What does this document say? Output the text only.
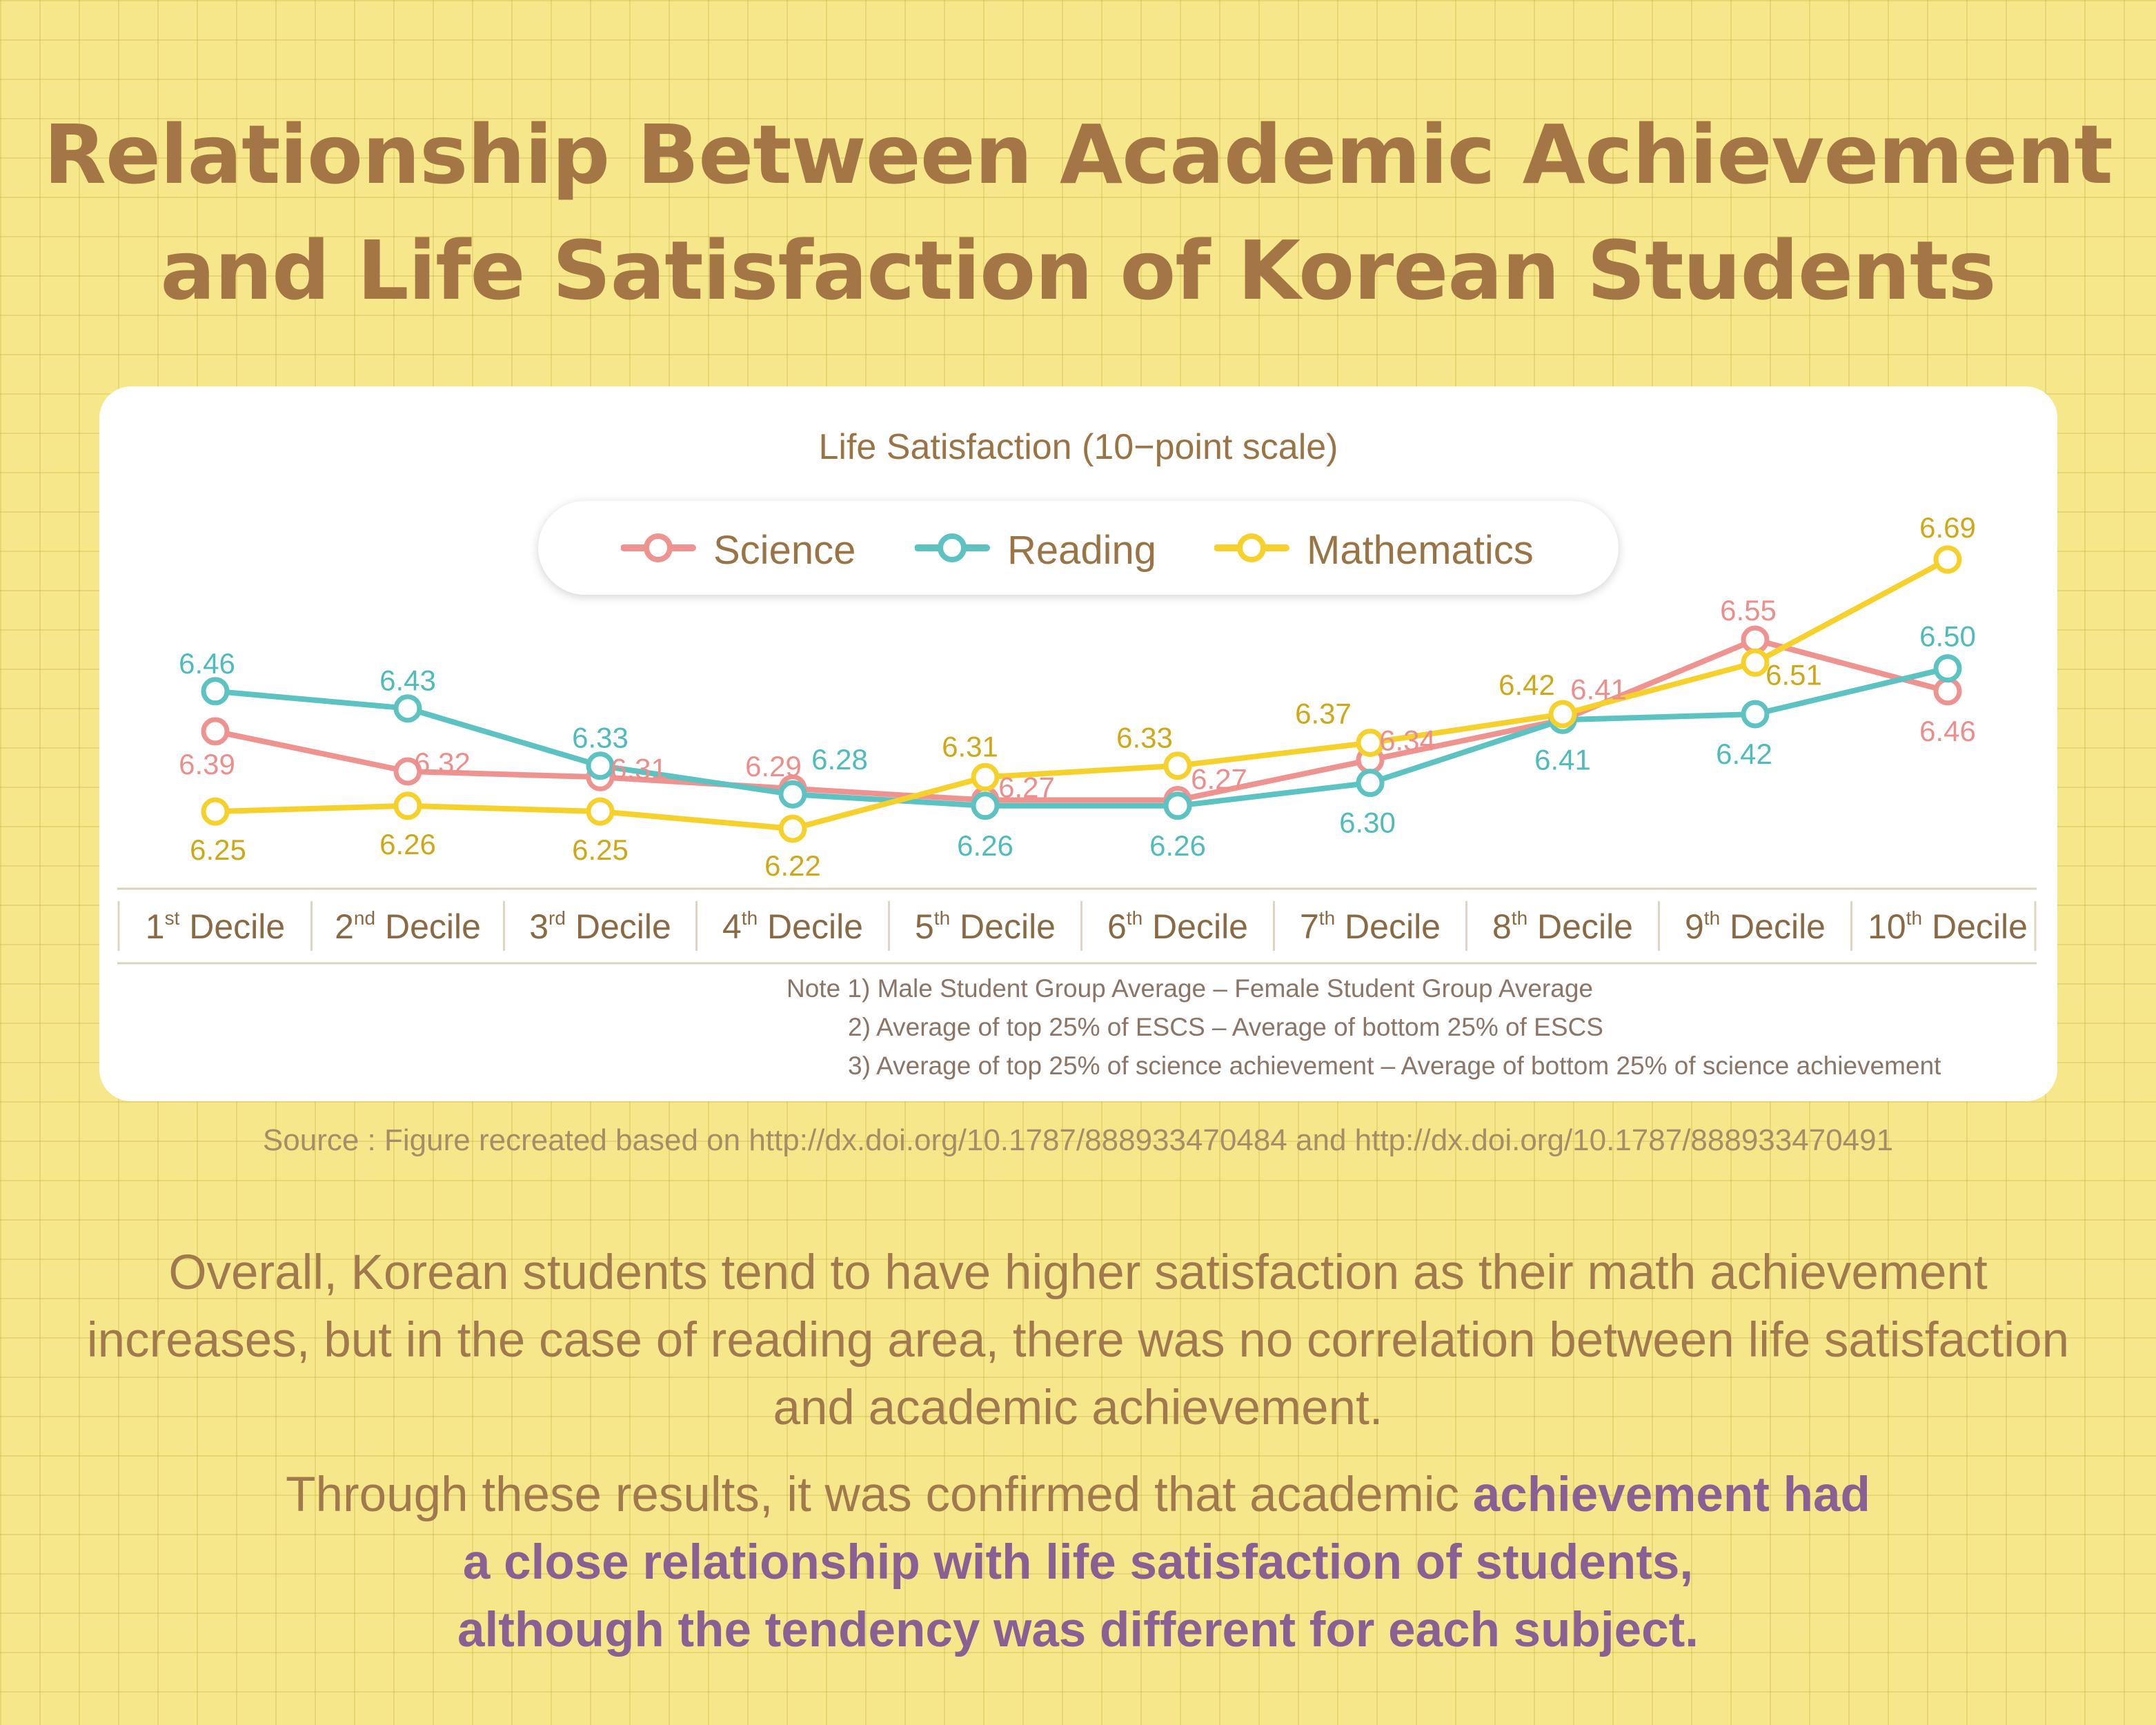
Relationship Between Academic Achievement
and Life Satisfaction of Korean Students
Life Satisfaction (10−point scale)
Science	Reading	Mathematics
1st Decile 2nd Decile 3rd Decile 4th Decile 5th Decile 6th Decile 7th Decile 8th Decile 9th Decile 10th Decile
6.39	6.32	6.31	6.29
6.27	6.27
6.34
6.41
6.55
6.46
6.46
6.43
6.33
6.28
6.26	6.26
6.30
6.41	6.42
6.50
6.25	6.26	6.25	6.22
6.31	6.33
6.37
6.42	6.51
6.69
Note 1) Male Student Group Average – Female Student Group Average
2) Average of top 25% of ESCS – Average of bottom 25% of ESCS
3) Average of top 25% of science achievement – Average of bottom 25% of science achievement
Source : Figure recreated based on http://dx.doi.org/10.1787/888933470484 and http://dx.doi.org/10.1787/888933470491

Overall, Korean students tend to have higher satisfaction as their math achievement increases, but in the case of reading area, there was no correlation between life satisfaction and academic achievement.

Through these results, it was confirmed that academic achievement had
a close relationship with life satisfaction of students,
although the tendency was different for each subject.
